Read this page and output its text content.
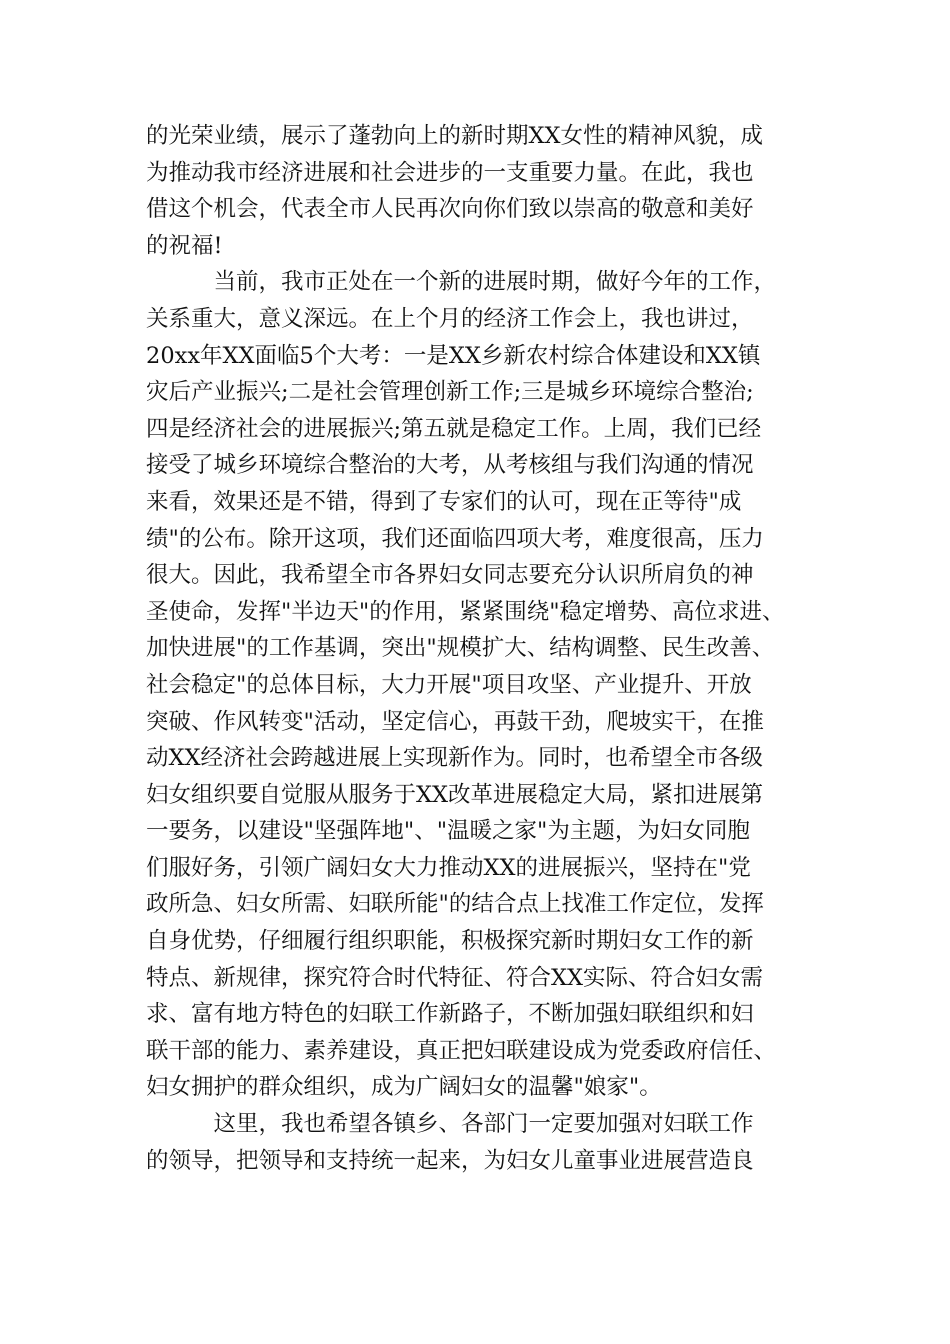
的光荣业绩，展示了蓬勃向上的新时期XX女性的精神风貌，成
为推动我市经济进展和社会进步的一支重要力量。在此，我也
借这个机会，代表全市人民再次向你们致以崇高的敬意和美好
的祝福!
　　　当前，我市正处在一个新的进展时期，做好今年的工作，
关系重大，意义深远。在上个月的经济工作会上，我也讲过，
20xx年XX面临5个大考：一是XX乡新农村综合体建设和XX镇
灾后产业振兴;二是社会管理创新工作;三是城乡环境综合整治;
四是经济社会的进展振兴;第五就是稳定工作。上周，我们已经
接受了城乡环境综合整治的大考，从考核组与我们沟通的情况
来看，效果还是不错，得到了专家们的认可，现在正等待"成
绩"的公布。除开这项，我们还面临四项大考，难度很高，压力
很大。因此，我希望全市各界妇女同志要充分认识所肩负的神
圣使命，发挥"半边天"的作用，紧紧围绕"稳定增势、高位求进、
加快进展"的工作基调，突出"规模扩大、结构调整、民生改善、
社会稳定"的总体目标，大力开展"项目攻坚、产业提升、开放
突破、作风转变"活动，坚定信心，再鼓干劲，爬坡实干，在推
动XX经济社会跨越进展上实现新作为。同时，也希望全市各级
妇女组织要自觉服从服务于XX改革进展稳定大局，紧扣进展第
一要务，以建设"坚强阵地"、"温暖之家"为主题，为妇女同胞
们服好务，引领广阔妇女大力推动XX的进展振兴，坚持在"党
政所急、妇女所需、妇联所能"的结合点上找准工作定位，发挥
自身优势，仔细履行组织职能，积极探究新时期妇女工作的新
特点、新规律，探究符合时代特征、符合XX实际、符合妇女需
求、富有地方特色的妇联工作新路子，不断加强妇联组织和妇
联干部的能力、素养建设，真正把妇联建设成为党委政府信任、
妇女拥护的群众组织，成为广阔妇女的温馨"娘家"。
　　　这里，我也希望各镇乡、各部门一定要加强对妇联工作
的领导，把领导和支持统一起来，为妇女儿童事业进展营造良
